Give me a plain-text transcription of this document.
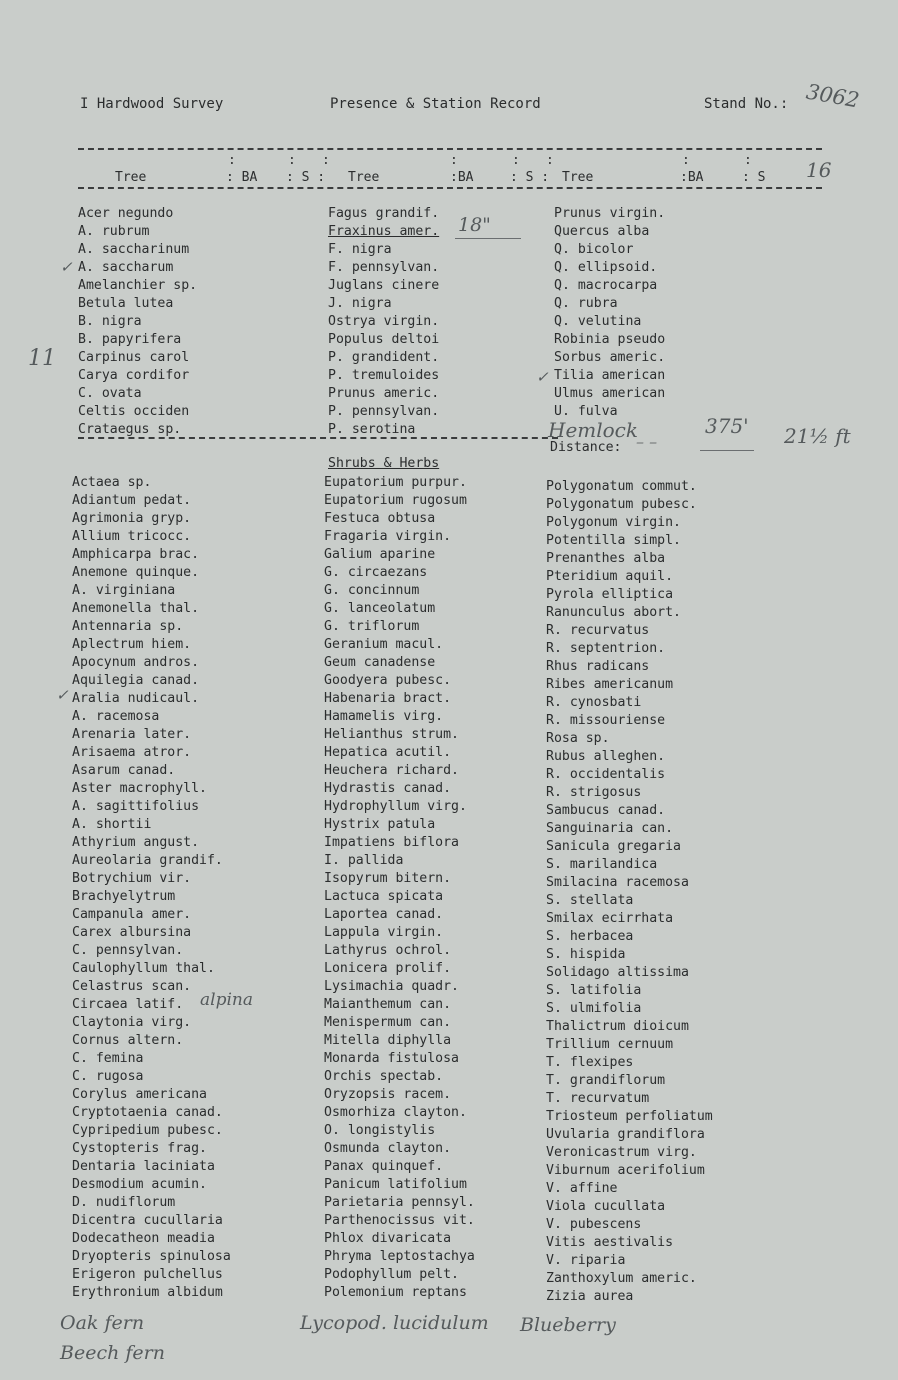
I Hardwood Survey	Presence & Station Record	Stand No.: 3062
:	: :	:	: :	:	:
Tree	: BA : S : Tree	:BA	: S : Tree	:BA	: S 16
Acer negundo
A. rubrum
A. saccharinum
A. saccharum
Amelanchier sp.
Betula lutea
B. nigra
B. papyrifera
Carpinus carol
Carya cordifor
C. ovata
Celtis occiden
Crataegus sp.
Fagus grandif.
Fraxinus amer.
F. nigra
F. pennsylvan.
Juglans cinere
J. nigra
Ostrya virgin.
Populus deltoi
P. grandident.
P. tremuloides
Prunus americ.
P. pennsylvan.
P. serotina
Prunus virgin.
Quercus alba
Q. bicolor
Q. ellipsoid.
Q. macrocarpa
Q. rubra
Q. velutina
Robinia pseudo
Sorbus americ.
Tilia american
Ulmus american
U. fulva
18"
11
✓
✓
Hemlock
– –
375' 21½ ft
Distance:
Shrubs & Herbs
Actaea sp.
Adiantum pedat.
Agrimonia gryp.
Allium tricocc.
Amphicarpa brac.
Anemone quinque.
A. virginiana
Anemonella thal.
Antennaria sp.
Aplectrum hiem.
Apocynum andros.
Aquilegia canad.
Aralia nudicaul.
A. racemosa
Arenaria later.
Arisaema atror.
Asarum canad.
Aster macrophyll.
A. sagittifolius
A. shortii
Athyrium angust.
Aureolaria grandif.
Botrychium vir.
Brachyelytrum
Campanula amer.
Carex albursina
C. pennsylvan.
Caulophyllum thal.
Celastrus scan.
Circaea latif.
Claytonia virg.
Cornus altern.
C. femina
C. rugosa
Corylus americana
Cryptotaenia canad.
Cypripedium pubesc.
Cystopteris frag.
Dentaria laciniata
Desmodium acumin.
D. nudiflorum
Dicentra cucullaria
Dodecatheon meadia
Dryopteris spinulosa
Erigeron pulchellus
Erythronium albidum
Eupatorium purpur.
Eupatorium rugosum
Festuca obtusa
Fragaria virgin.
Galium aparine
G. circaezans
G. concinnum
G. lanceolatum
G. triflorum
Geranium macul.
Geum canadense
Goodyera pubesc.
Habenaria bract.
Hamamelis virg.
Helianthus strum.
Hepatica acutil.
Heuchera richard.
Hydrastis canad.
Hydrophyllum virg.
Hystrix patula
Impatiens biflora
I. pallida
Isopyrum bitern.
Lactuca spicata
Laportea canad.
Lappula virgin.
Lathyrus ochrol.
Lonicera prolif.
Lysimachia quadr.
Maianthemum can.
Menispermum can.
Mitella diphylla
Monarda fistulosa
Orchis spectab.
Oryzopsis racem.
Osmorhiza clayton.
O. longistylis
Osmunda clayton.
Panax quinquef.
Panicum latifolium
Parietaria pennsyl.
Parthenocissus vit.
Phlox divaricata
Phryma leptostachya
Podophyllum pelt.
Polemonium reptans
Polygonatum commut.
Polygonatum pubesc.
Polygonum virgin.
Potentilla simpl.
Prenanthes alba
Pteridium aquil.
Pyrola elliptica
Ranunculus abort.
R. recurvatus
R. septentrion.
Rhus radicans
Ribes americanum
R. cynosbati
R. missouriense
Rosa sp.
Rubus alleghen.
R. occidentalis
R. strigosus
Sambucus canad.
Sanguinaria can.
Sanicula gregaria
S. marilandica
Smilacina racemosa
S. stellata
Smilax ecirrhata
S. herbacea
S. hispida
Solidago altissima
S. latifolia
S. ulmifolia
Thalictrum dioicum
Trillium cernuum
T. flexipes
T. grandiflorum
T. recurvatum
Triosteum perfoliatum
Uvularia grandiflora
Veronicastrum virg.
Viburnum acerifolium
V. affine
Viola cucullata
V. pubescens
Vitis aestivalis
V. riparia
Zanthoxylum americ.
Zizia aurea
✓
alpina
Oak fern
Beech fern
Lycopod. lucidulum Blueberry
